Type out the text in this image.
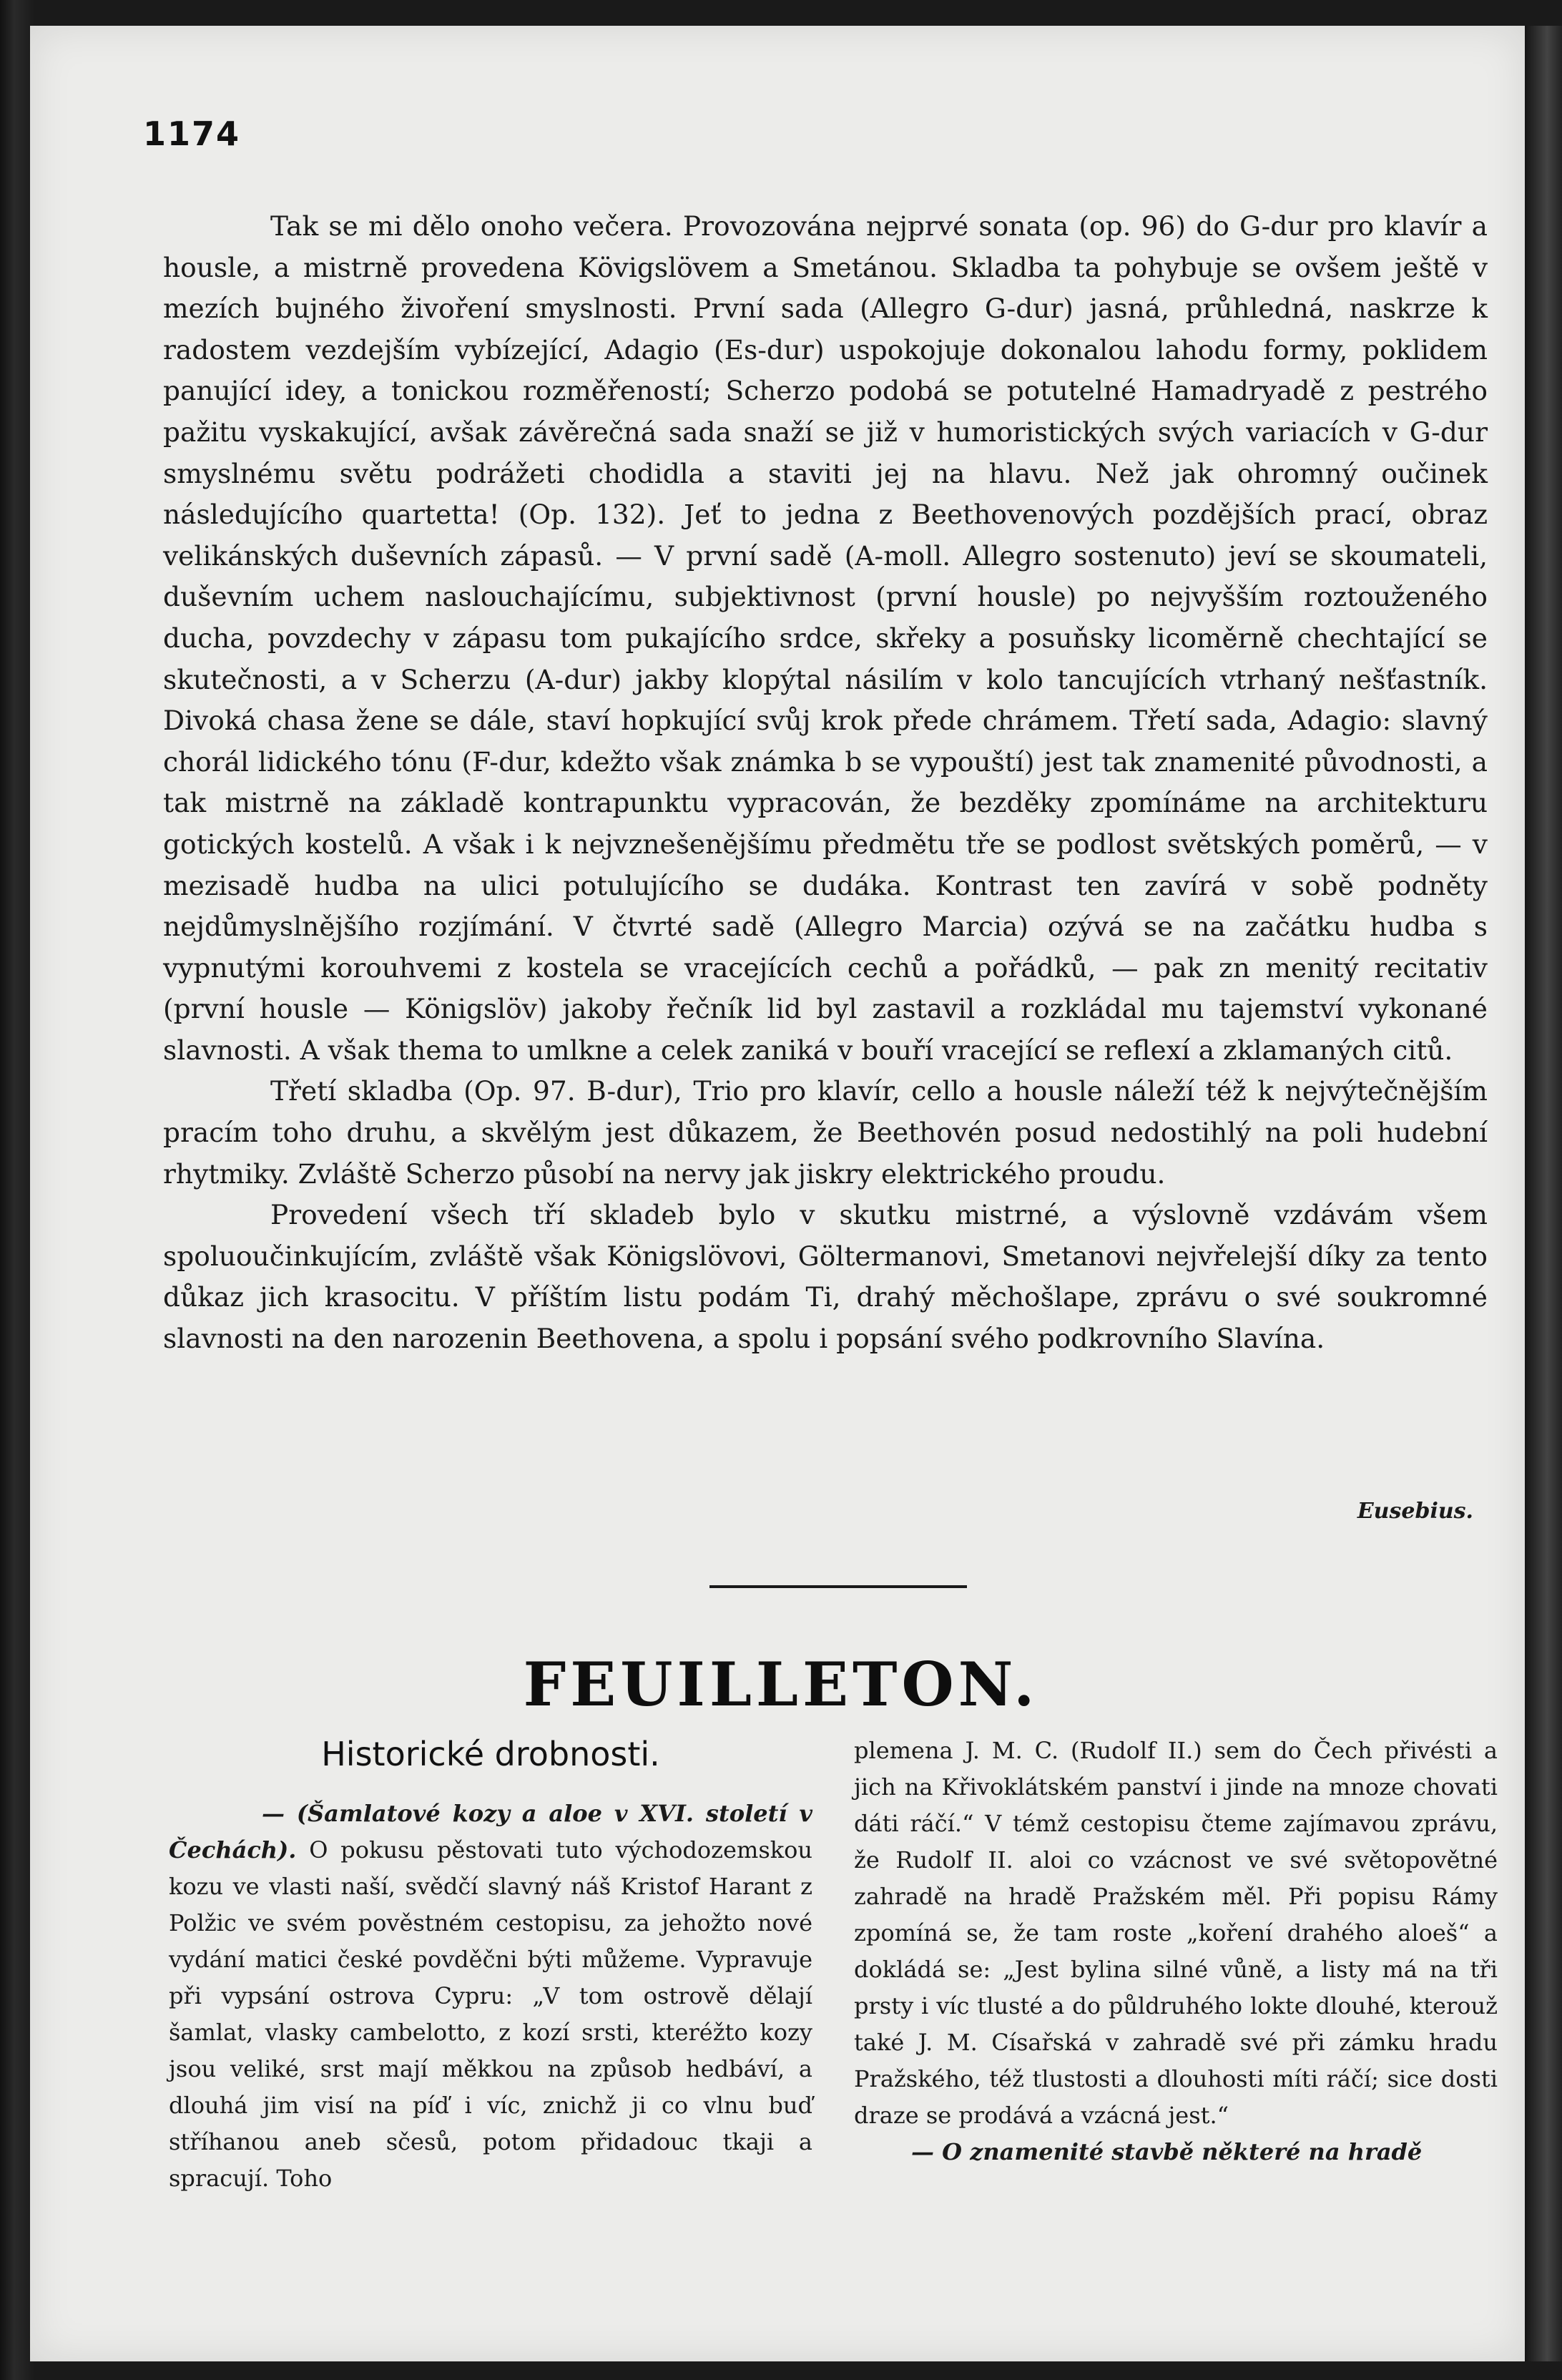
1174

Tak se mi dělo onoho večera. Provozována nejprvé sonata (op. 96) do G-dur pro klavír a housle, a mistrně provedena Kövigslövem a Smetánou. Skladba ta pohybuje se ovšem ještě v mezích bujného živoření smyslnosti. První sada (Allegro G-dur) jasná, průhledná, naskrze k radostem vezdejším vybízející, Adagio (Es-dur) uspokojuje dokonalou lahodu formy, poklidem panující idey, a tonickou rozměřeností; Scherzo podobá se potutelné Hamadryadě z pestrého pažitu vyskakující, avšak závěrečná sada snaží se již v humoristických svých variacích v G-dur smyslnému světu podrážeti chodidla a staviti jej na hlavu. Než jak ohromný oučinek následujícího quartetta! (Op. 132). Jeť to jedna z Beethovenových pozdějších prací, obraz velikánských duševních zápasů. — V první sadě (A-moll. Allegro sostenuto) jeví se skoumateli, duševním uchem naslouchajícímu, subjektivnost (první housle) po nejvyšším roztouženého ducha, povzdechy v zápasu tom pukajícího srdce, skřeky a posuňsky licoměrně chechtající se skutečnosti, a v Scherzu (A-dur) jakby klopýtal násilím v kolo tancujících vtrhaný nešťastník. Divoká chasa žene se dále, staví hopkující svůj krok přede chrámem. Třetí sada, Adagio: slavný chorál lidického tónu (F-dur, kdežto však známka b se vypouští) jest tak znamenité původnosti, a tak mistrně na základě kontrapunktu vypracován, že bezděky zpomínáme na architekturu gotických kostelů. A však i k nejvznešenějšímu předmětu tře se podlost světských poměrů, — v mezisadě hudba na ulici potulujícího se dudáka. Kontrast ten zavírá v sobě podněty nejdůmyslnějšího rozjímání. V čtvrté sadě (Allegro Marcia) ozývá se na začátku hudba s vypnutými korouhvemi z kostela se vracejících cechů a pořádků, — pak zn menitý recitativ (první housle — Königslöv) jakoby řečník lid byl zastavil a rozkládal mu tajemství vykonané slavnosti. A však thema to umlkne a celek zaniká v bouří vracející se reflexí a zklamaných citů.

Třetí skladba (Op. 97. B-dur), Trio pro klavír, cello a housle náleží též k nejvýtečnějším pracím toho druhu, a skvělým jest důkazem, že Beethovén posud nedostihlý na poli hudební rhytmiky. Zvláště Scherzo působí na nervy jak jiskry elektrického proudu.

Provedení všech tří skladeb bylo v skutku mistrné, a výslovně vzdávám všem spoluoučinkujícím, zvláště však Königslövovi, Göltermanovi, Smetanovi nejvřelejší díky za tento důkaz jich krasocitu. V příštím listu podám Ti, drahý měchošlape, zprávu o své soukromné slavnosti na den narozenin Beethovena, a spolu i popsání svého podkrovního Slavína.

Eusebius.
FEUILLETON.
Historické drobnosti.

— (Šamlatové kozy a aloe v XVI. století v Čechách). O pokusu pěstovati tuto východozemskou kozu ve vlasti naší, svědčí slavný náš Kristof Harant z Polžic ve svém pověstném cestopisu, za jehožto nové vydání matici české povděčni býti můžeme. Vypravuje při vypsání ostrova Cypru: „V tom ostrově dělají šamlat, vlasky cambelotto, z kozí srsti, kteréžto kozy jsou veliké, srst mají měkkou na způsob hedbáví, a dlouhá jim visí na píď i víc, znichž ji co vlnu buď stříhanou aneb sčesů, potom přidadouc tkaji a spracují. Toho

plemena J. M. C. (Rudolf II.) sem do Čech přivésti a jich na Křivoklátském panství i jinde na mnoze chovati dáti ráčí.“ V témž cestopisu čteme zajímavou zprávu, že Rudolf II. aloi co vzácnost ve své světopovětné zahradě na hradě Pražském měl. Při popisu Rámy zpomíná se, že tam roste „koření drahého aloeš“ a dokládá se: „Jest bylina silné vůně, a listy má na tři prsty i víc tlusté a do půldruhého lokte dlouhé, kterouž také J. M. Císařská v zahradě své při zámku hradu Pražského, též tlustosti a dlouhosti míti ráčí; sice dosti draze se prodává a vzácná jest.“

— O znamenité stavbě některé na hradě
